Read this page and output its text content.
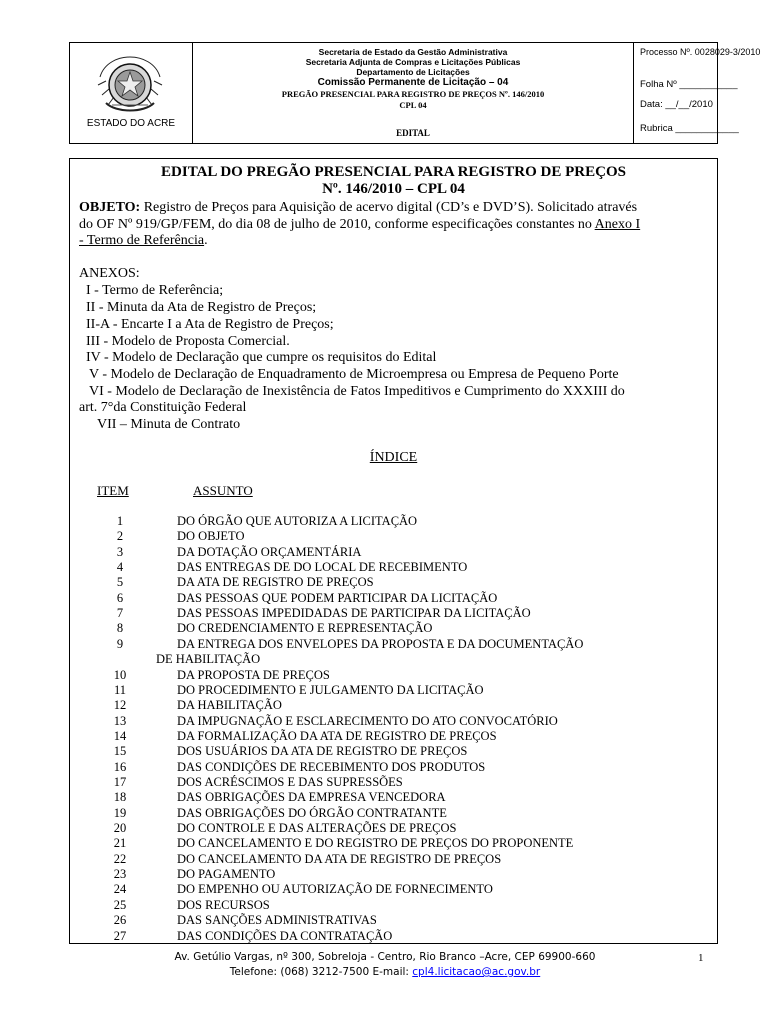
ESTADO DO ACRE
Secretaria de Estado da Gestão Administrativa
Secretaria Adjunta de Compras e Licitações Públicas
Departamento de Licitações
Comissão Permanente de Licitação – 04
PREGÃO PRESENCIAL PARA REGISTRO DE PREÇOS Nº. 146/2010
CPL 04
EDITAL
Processo Nº. 0028029-3/2010
Folha Nº ___________
Data: __/__/2010
Rubrica ____________
EDITAL DO PREGÃO PRESENCIAL PARA REGISTRO DE PREÇOS
Nº. 146/2010 – CPL 04
OBJETO: Registro de Preços para Aquisição de acervo digital (CD’s e DVD’S). Solicitado através
do OF Nº 919/GP/FEM, do dia 08 de julho de 2010, conforme especificações constantes no Anexo I
- Termo de Referência.
ANEXOS:
I - Termo de Referência;
II - Minuta da Ata de Registro de Preços;
II-A - Encarte I a Ata de Registro de Preços;
III - Modelo de Proposta Comercial.
IV - Modelo de Declaração que cumpre os requisitos do Edital
V - Modelo de Declaração de Enquadramento de Microempresa ou Empresa de Pequeno Porte
VI - Modelo de Declaração de Inexistência de Fatos Impeditivos e Cumprimento do XXXIII do
art. 7°da Constituição Federal
VII – Minuta de Contrato
ÍNDICE
ITEM	ASSUNTO
1	DO ÓRGÃO QUE AUTORIZA A LICITAÇÃO
2	DO OBJETO
3	DA DOTAÇÃO ORÇAMENTÁRIA
4	DAS ENTREGAS DE DO LOCAL DE RECEBIMENTO
5	DA ATA DE REGISTRO DE PREÇOS
6	DAS PESSOAS QUE PODEM PARTICIPAR DA LICITAÇÃO
7	DAS PESSOAS IMPEDIDADAS DE PARTICIPAR DA LICITAÇÃO
8	DO CREDENCIAMENTO E REPRESENTAÇÃO
9	DA ENTREGA DOS ENVELOPES DA PROPOSTA E DA DOCUMENTAÇÃO
DE HABILITAÇÃO
10	DA PROPOSTA DE PREÇOS
11	DO PROCEDIMENTO E JULGAMENTO DA LICITAÇÃO
12	DA HABILITAÇÃO
13	DA IMPUGNAÇÃO E ESCLARECIMENTO DO ATO CONVOCATÓRIO
14	DA FORMALIZAÇÃO DA ATA DE REGISTRO DE PREÇOS
15	DOS USUÁRIOS DA ATA DE REGISTRO DE PREÇOS
16	DAS CONDIÇÕES DE RECEBIMENTO DOS PRODUTOS
17	DOS ACRÉSCIMOS E DAS SUPRESSÕES
18	DAS OBRIGAÇÕES DA EMPRESA VENCEDORA
19	DAS OBRIGAÇÕES DO ÓRGÃO CONTRATANTE
20	DO CONTROLE E DAS ALTERAÇÕES DE PREÇOS
21	DO CANCELAMENTO E DO REGISTRO DE PREÇOS DO PROPONENTE
22	DO CANCELAMENTO DA ATA DE REGISTRO DE PREÇOS
23	DO PAGAMENTO
24	DO EMPENHO OU AUTORIZAÇÃO DE FORNECIMENTO
25	DOS RECURSOS
26	DAS SANÇÕES ADMINISTRATIVAS
27	DAS CONDIÇÕES DA CONTRATAÇÃO
Av. Getúlio Vargas, nº 300, Sobreloja - Centro, Rio Branco –Acre, CEP 69900-660
Telefone: (068) 3212-7500 E-mail: cpl4.licitacao@ac.gov.br
1
